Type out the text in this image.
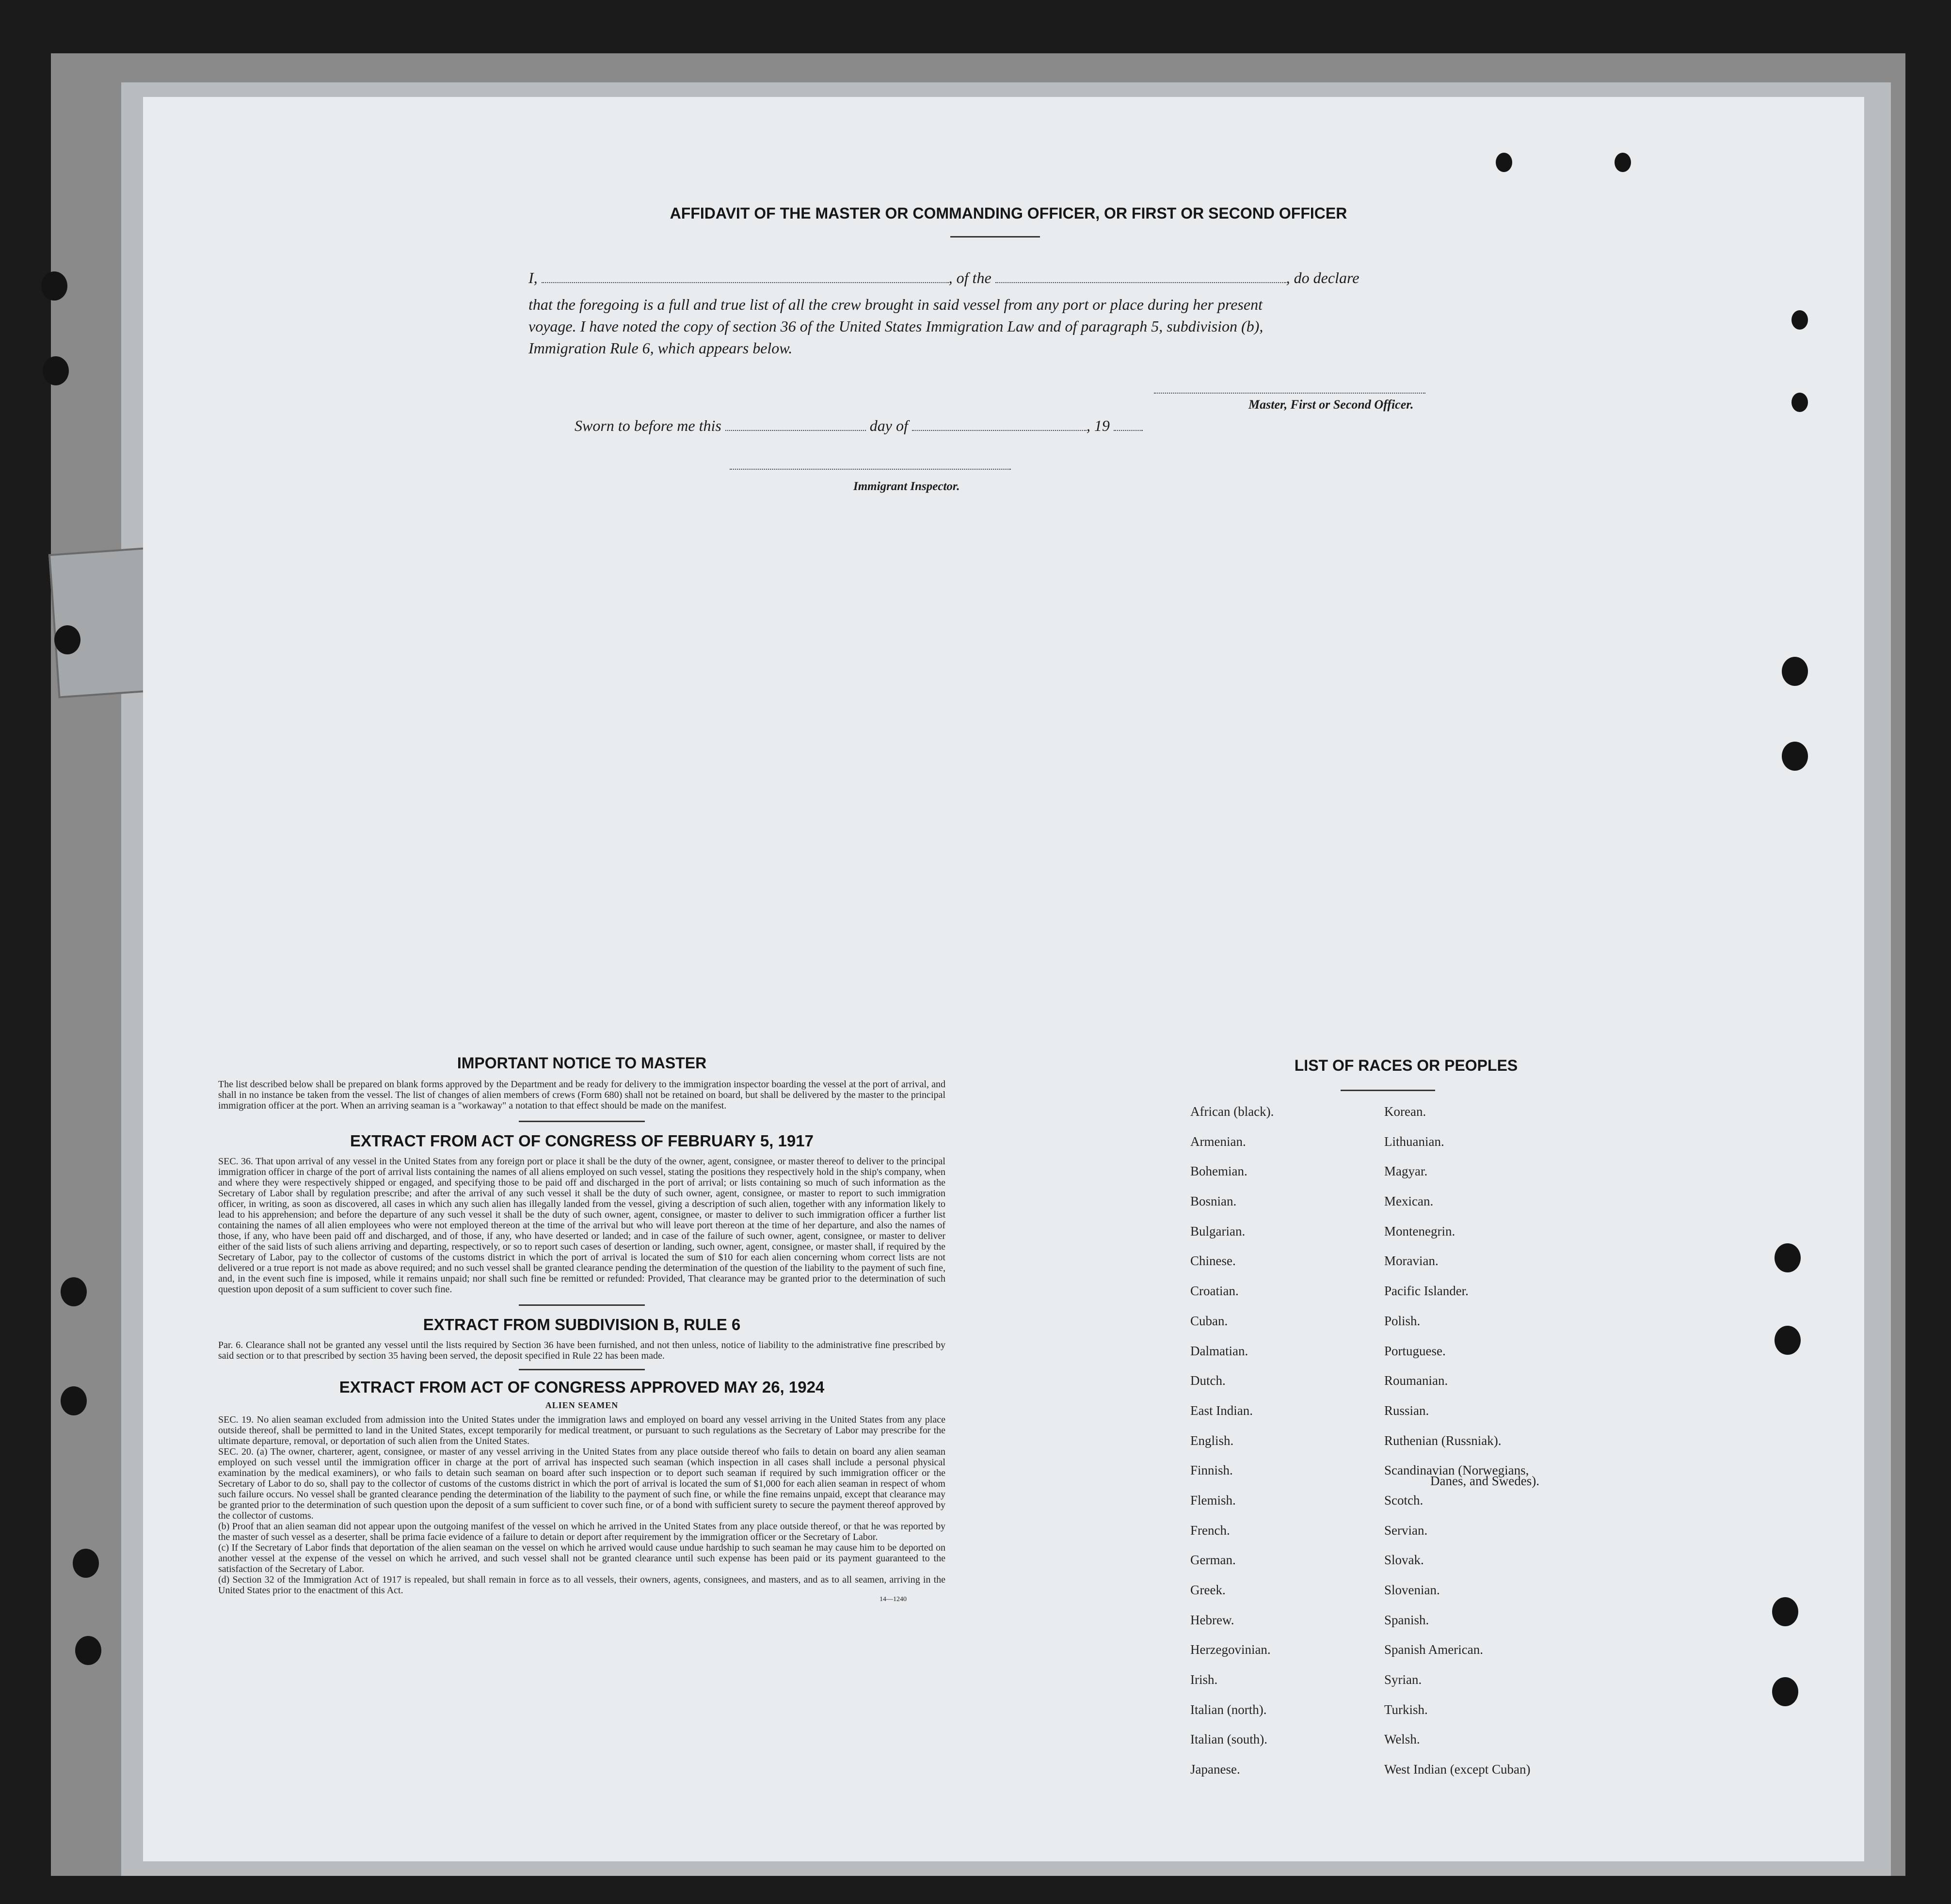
AFFIDAVIT OF THE MASTER OR COMMANDING OFFICER, OR FIRST OR SECOND OFFICER
I,	, of the	, do declare
that the foregoing is a full and true list of all the crew brought in said vessel from any port or place during her present
voyage. I have noted the copy of section 36 of the United States Immigration Law and of paragraph 5, subdivision (b),
Immigration Rule 6, which appears below.
Master, First or Second Officer.
Sworn to before me this	day of	, 19
Immigrant Inspector.
IMPORTANT NOTICE TO MASTER
The list described below shall be prepared on blank forms approved by the Department and be ready for delivery to the immigration inspector boarding the vessel at the port of arrival, and shall in no instance be taken from the vessel. The list of changes of alien members of crews (Form 680) shall not be retained on board, but shall be delivered by the master to the principal immigration officer at the port. When an arriving seaman is a "workaway" a notation to that effect should be made on the manifest.
EXTRACT FROM ACT OF CONGRESS OF FEBRUARY 5, 1917
SEC. 36. That upon arrival of any vessel in the United States from any foreign port or place it shall be the duty of the owner, agent, consignee, or master thereof to deliver to the principal immigration officer in charge of the port of arrival lists containing the names of all aliens employed on such vessel, stating the positions they respectively hold in the ship's company, when and where they were respectively shipped or engaged, and specifying those to be paid off and discharged in the port of arrival; or lists containing so much of such information as the Secretary of Labor shall by regulation prescribe; and after the arrival of any such vessel it shall be the duty of such owner, agent, consignee, or master to report to such immigration officer, in writing, as soon as discovered, all cases in which any such alien has illegally landed from the vessel, giving a description of such alien, together with any information likely to lead to his apprehension; and before the departure of any such vessel it shall be the duty of such owner, agent, consignee, or master to deliver to such immigration officer a further list containing the names of all alien employees who were not employed thereon at the time of the arrival but who will leave port thereon at the time of her departure, and also the names of those, if any, who have been paid off and discharged, and of those, if any, who have deserted or landed; and in case of the failure of such owner, agent, consignee, or master to deliver either of the said lists of such aliens arriving and departing, respectively, or so to report such cases of desertion or landing, such owner, agent, consignee, or master shall, if required by the Secretary of Labor, pay to the collector of customs of the customs district in which the port of arrival is located the sum of $10 for each alien concerning whom correct lists are not delivered or a true report is not made as above required; and no such vessel shall be granted clearance pending the determination of the question of the liability to the payment of such fine, and, in the event such fine is imposed, while it remains unpaid; nor shall such fine be remitted or refunded: Provided, That clearance may be granted prior to the determination of such question upon deposit of a sum sufficient to cover such fine.
EXTRACT FROM SUBDIVISION B, RULE 6
Par. 6. Clearance shall not be granted any vessel until the lists required by Section 36 have been furnished, and not then unless, notice of liability to the administrative fine prescribed by said section or to that prescribed by section 35 having been served, the deposit specified in Rule 22 has been made.
EXTRACT FROM ACT OF CONGRESS APPROVED MAY 26, 1924
ALIEN SEAMEN
SEC. 19. No alien seaman excluded from admission into the United States under the immigration laws and employed on board any vessel arriving in the United States from any place outside thereof, shall be permitted to land in the United States, except temporarily for medical treatment, or pursuant to such regulations as the Secretary of Labor may prescribe for the ultimate departure, removal, or deportation of such alien from the United States.
SEC. 20. (a) The owner, charterer, agent, consignee, or master of any vessel arriving in the United States from any place outside thereof who fails to detain on board any alien seaman employed on such vessel until the immigration officer in charge at the port of arrival has inspected such seaman (which inspection in all cases shall include a personal physical examination by the medical examiners), or who fails to detain such seaman on board after such inspection or to deport such seaman if required by such immigration officer or the Secretary of Labor to do so, shall pay to the collector of customs of the customs district in which the port of arrival is located the sum of $1,000 for each alien seaman in respect of whom such failure occurs. No vessel shall be granted clearance pending the determination of the liability to the payment of such fine, or while the fine remains unpaid, except that clearance may be granted prior to the determination of such question upon the deposit of a sum sufficient to cover such fine, or of a bond with sufficient surety to secure the payment thereof approved by the collector of customs.
(b) Proof that an alien seaman did not appear upon the outgoing manifest of the vessel on which he arrived in the United States from any place outside thereof, or that he was reported by the master of such vessel as a deserter, shall be prima facie evidence of a failure to detain or deport after requirement by the immigration officer or the Secretary of Labor.
(c) If the Secretary of Labor finds that deportation of the alien seaman on the vessel on which he arrived would cause undue hardship to such seaman he may cause him to be deported on another vessel at the expense of the vessel on which he arrived, and such vessel shall not be granted clearance until such expense has been paid or its payment guaranteed to the satisfaction of the Secretary of Labor.
(d) Section 32 of the Immigration Act of 1917 is repealed, but shall remain in force as to all vessels, their owners, agents, consignees, and masters, and as to all seamen, arriving in the United States prior to the enactment of this Act.
14—1240
LIST OF RACES OR PEOPLES
African (black).
Armenian.
Bohemian.
Bosnian.
Bulgarian.
Chinese.
Croatian.
Cuban.
Dalmatian.
Dutch.
East Indian.
English.
Finnish.
Flemish.
French.
German.
Greek.
Hebrew.
Herzegovinian.
Irish.
Italian (north).
Italian (south).
Japanese.
Korean.
Lithuanian.
Magyar.
Mexican.
Montenegrin.
Moravian.
Pacific Islander.
Polish.
Portuguese.
Roumanian.
Russian.
Ruthenian (Russniak).
Scandinavian (Norwegians,
Scotch.
Servian.
Slovak.
Slovenian.
Spanish.
Spanish American.
Syrian.
Turkish.
Welsh.
West Indian (except Cuban)
Danes, and Swedes).
